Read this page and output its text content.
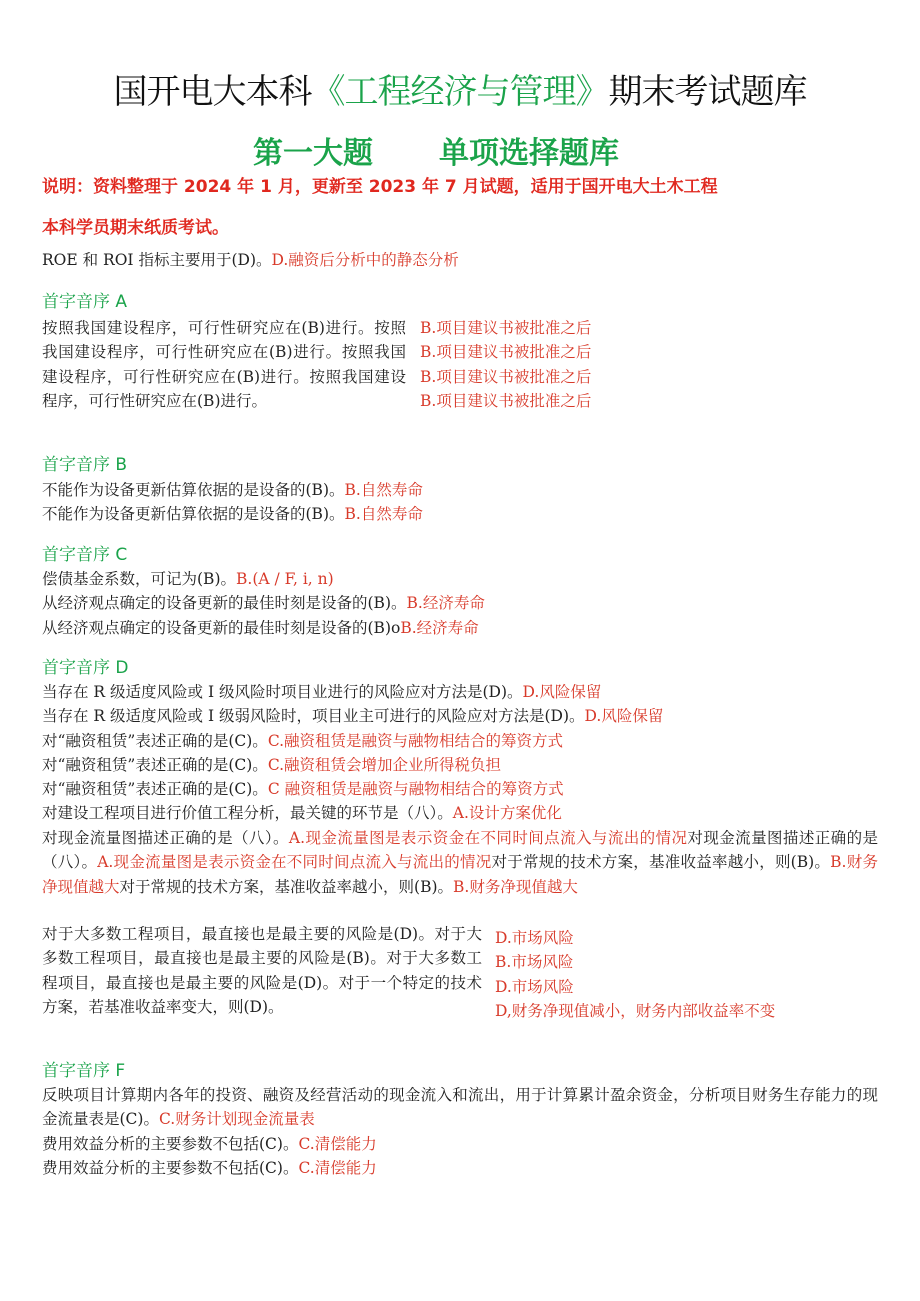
国开电大本科《工程经济与管理》期末考试题库
第一大题 单项选择题库
说明：资料整理于 2024 年 1 月，更新至 2023 年 7 月试题，适用于国开电大土木工程
本科学员期末纸质考试。
ROE 和 ROI 指标主要用于(D)。D.融资后分析中的静态分析
首字音序 A
按照我国建设程序，可行性研究应在(B)进行。按照我国建设程序，可行性研究应在(B)进行。按照我国建设程序，可行性研究应在(B)进行。按照我国建设程序，可行性研究应在(B)进行。
B.项目建议书被批准之后
B.项目建议书被批准之后
B.项目建议书被批准之后
B.项目建议书被批准之后
首字音序 B
不能作为设备更新估算依据的是设备的(B)。B.自然寿命
不能作为设备更新估算依据的是设备的(B)。B.自然寿命
首字音序 C
偿债基金系数，可记为(B)。B.(A / F, i, n)
从经济观点确定的设备更新的最佳时刻是设备的(B)。B.经济寿命
从经济观点确定的设备更新的最佳时刻是设备的(B)oB.经济寿命
首字音序 D
当存在 R 级适度风险或 I 级风险时项目业进行的风险应对方法是(D)。D.风险保留
当存在 R 级适度风险或 I 级弱风险时，项目业主可进行的风险应对方法是(D)。D.风险保留
对“融资租赁”表述正确的是(C)。C.融资租赁是融资与融物相结合的筹资方式
对“融资租赁”表述正确的是(C)。C.融资租赁会增加企业所得税负担
对“融资租赁”表述正确的是(C)。C 融资租赁是融资与融物相结合的筹资方式
对建设工程项目进行价值工程分析，最关键的环节是（八）。A.设计方案优化
对现金流量图描述正确的是（八）。A.现金流量图是表示资金在不同时间点流入与流出的情况对现金流量图描述正确的是（八）。A.现金流量图是表示资金在不同时间点流入与流出的情况对于常规的技术方案，基准收益率越小，则(B)。B.财务净现值越大对于常规的技术方案，基准收益率越小，则(B)。B.财务净现值越大
对于大多数工程项目，最直接也是最主要的风险是(D)。对于大多数工程项目，最直接也是最主要的风险是(B)。对于大多数工程项目，最直接也是最主要的风险是(D)。对于一个特定的技术方案，若基准收益率变大，则(D)。
D.市场风险
B.市场风险
D.市场风险
D,财务净现值减小，财务内部收益率不变
首字音序 F
反映项目计算期内各年的投资、融资及经营活动的现金流入和流出，用于计算累计盈余资金，分析项目财务生存能力的现金流量表是(C)。C.财务计划现金流量表
费用效益分析的主要参数不包括(C)。C.清偿能力
费用效益分析的主要参数不包括(C)。C.清偿能力
